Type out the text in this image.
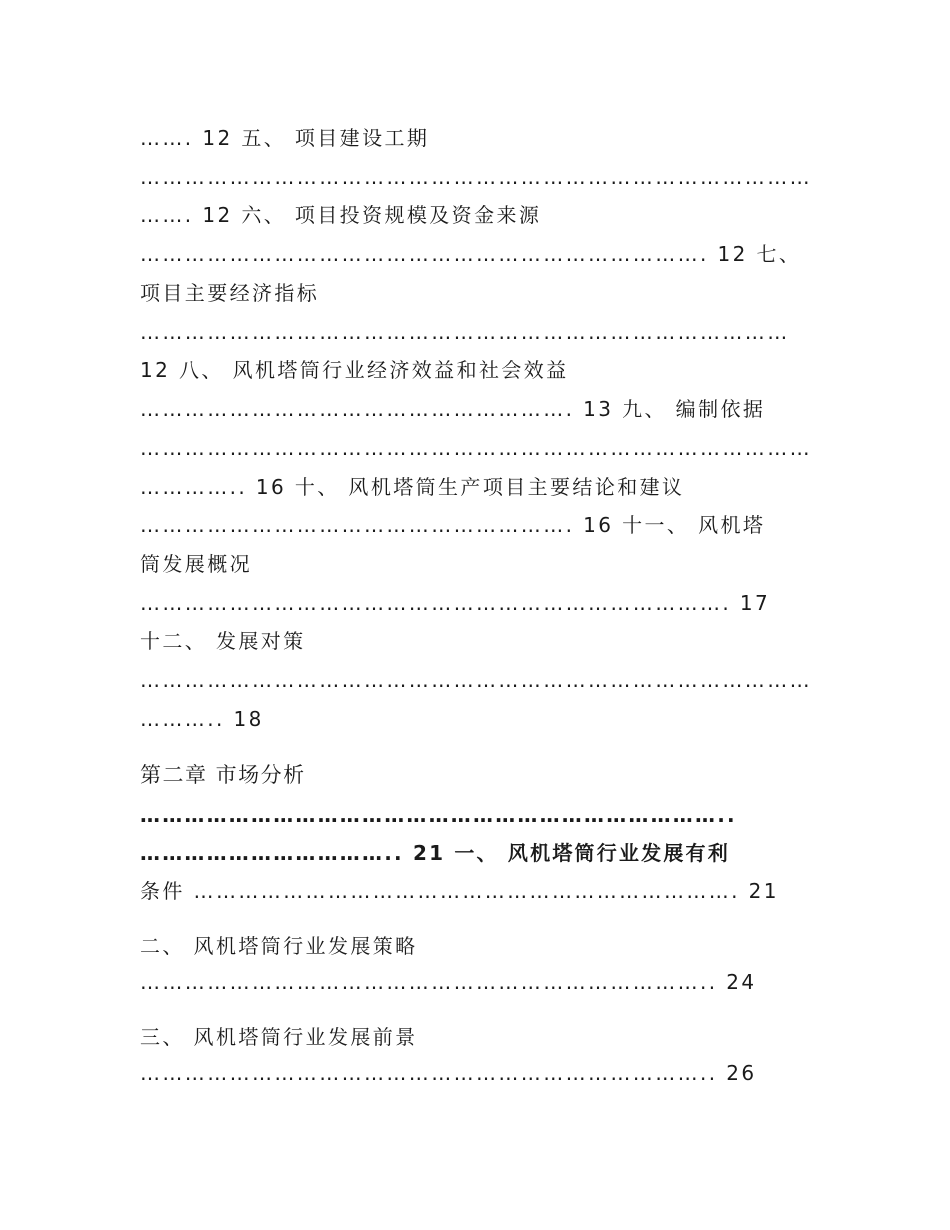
……. 12 五、 项目建设工期

………………………………………………………………………………

……. 12 六、 项目投资规模及资金来源

…………………………………………………………………. 12 七、

项目主要经济指标

……………………………………………………………………………

12 八、 风机塔筒行业经济效益和社会效益

…………………………………………………. 13 九、 编制依据

………………………………………………………………………………

………….. 16 十、 风机塔筒生产项目主要结论和建议

…………………………………………………. 16 十一、 风机塔

筒发展概况

……………………………………………………………………. 17

十二、 发展对策

………………………………………………………………………………

……….. 18

第二章 市场分析

……………………………………………………………………..

…………………………….. 21 一、 风机塔筒行业发展有利

条件 ………………………………………………………………. 21

二、 风机塔筒行业发展策略

………………………………………………………………….. 24

三、 风机塔筒行业发展前景

………………………………………………………………….. 26
